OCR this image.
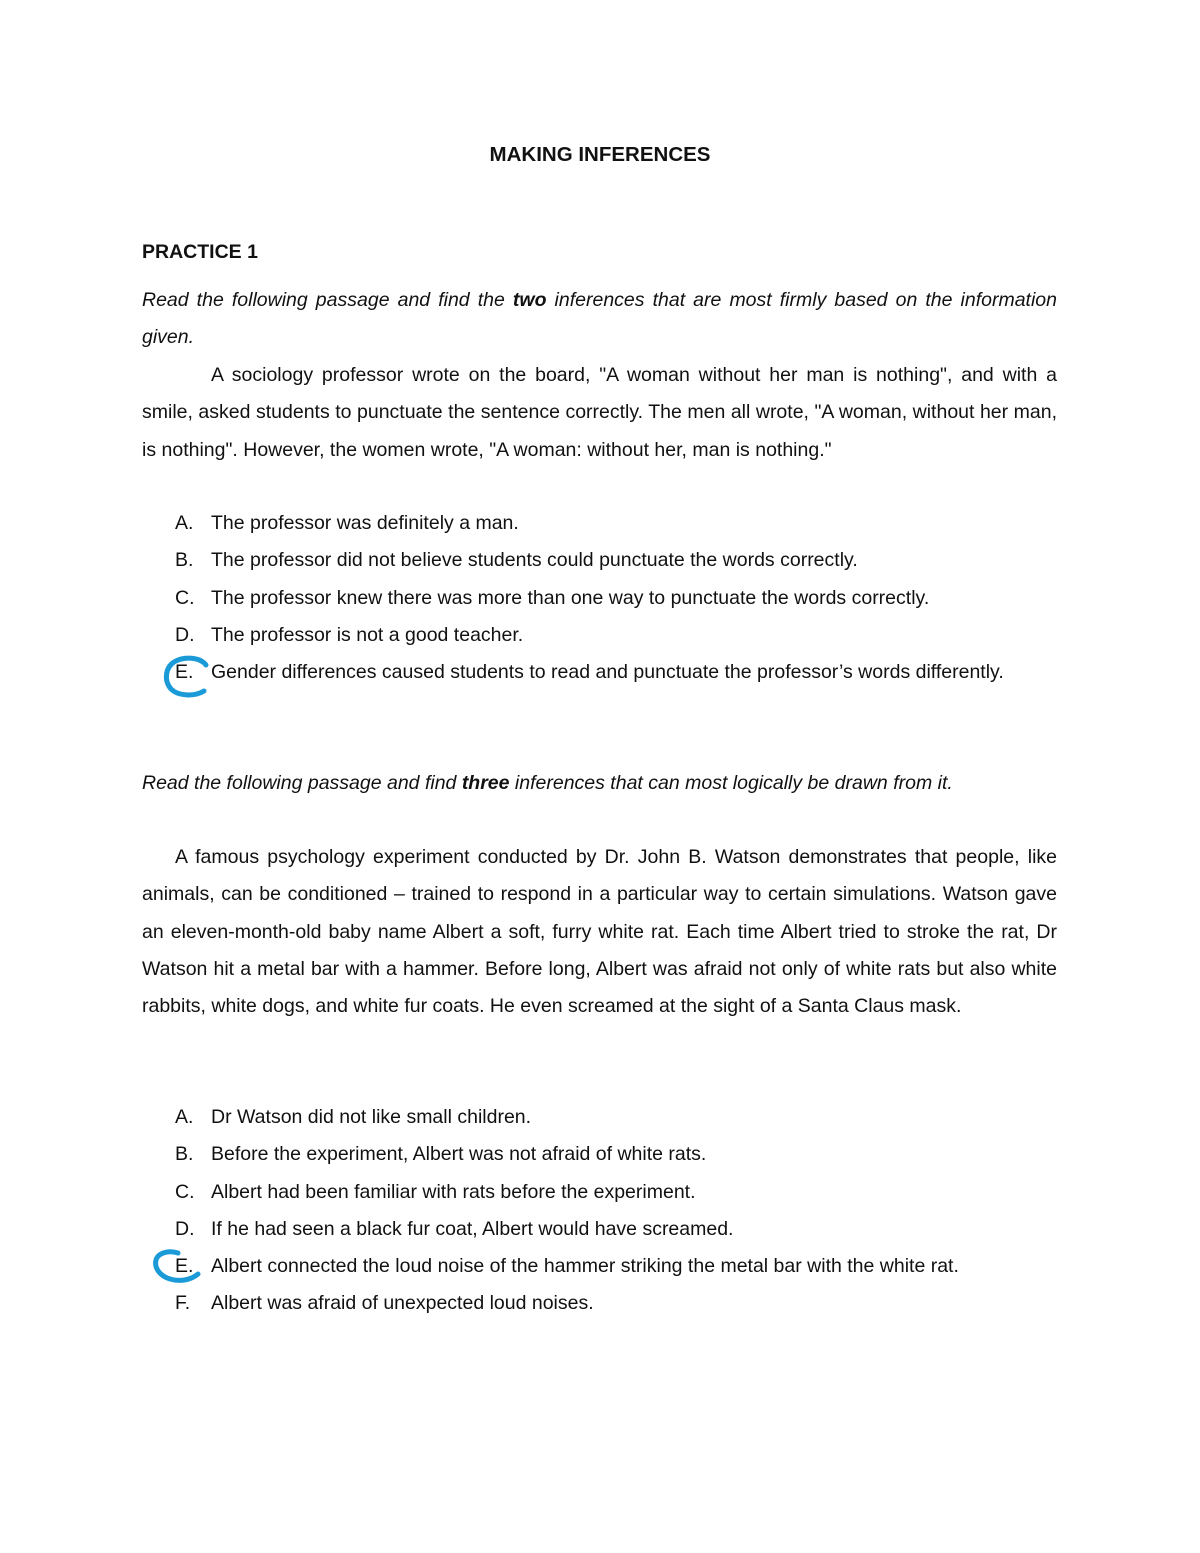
MAKING INFERENCES
PRACTICE 1

Read the following passage and find the two inferences that are most firmly based on the information given.

A sociology professor wrote on the board, "A woman without her man is nothing", and with a smile, asked students to punctuate the sentence correctly. The men all wrote, "A woman, without her man, is nothing". However, the women wrote, "A woman: without her, man is nothing."

A. The professor was definitely a man.
B. The professor did not believe students could punctuate the words correctly.
C. The professor knew there was more than one way to punctuate the words correctly.
D. The professor is not a good teacher.
E. Gender differences caused students to read and punctuate the professor’s words differently.

Read the following passage and find three inferences that can most logically be drawn from it.

A famous psychology experiment conducted by Dr. John B. Watson demonstrates that people, like animals, can be conditioned – trained to respond in a particular way to certain simulations. Watson gave an eleven-month-old baby name Albert a soft, furry white rat. Each time Albert tried to stroke the rat, Dr Watson hit a metal bar with a hammer. Before long, Albert was afraid not only of white rats but also white rabbits, white dogs, and white fur coats. He even screamed at the sight of a Santa Claus mask.

A. Dr Watson did not like small children.
B. Before the experiment, Albert was not afraid of white rats.
C. Albert had been familiar with rats before the experiment.
D. If he had seen a black fur coat, Albert would have screamed.
E. Albert connected the loud noise of the hammer striking the metal bar with the white rat.
F. Albert was afraid of unexpected loud noises.
